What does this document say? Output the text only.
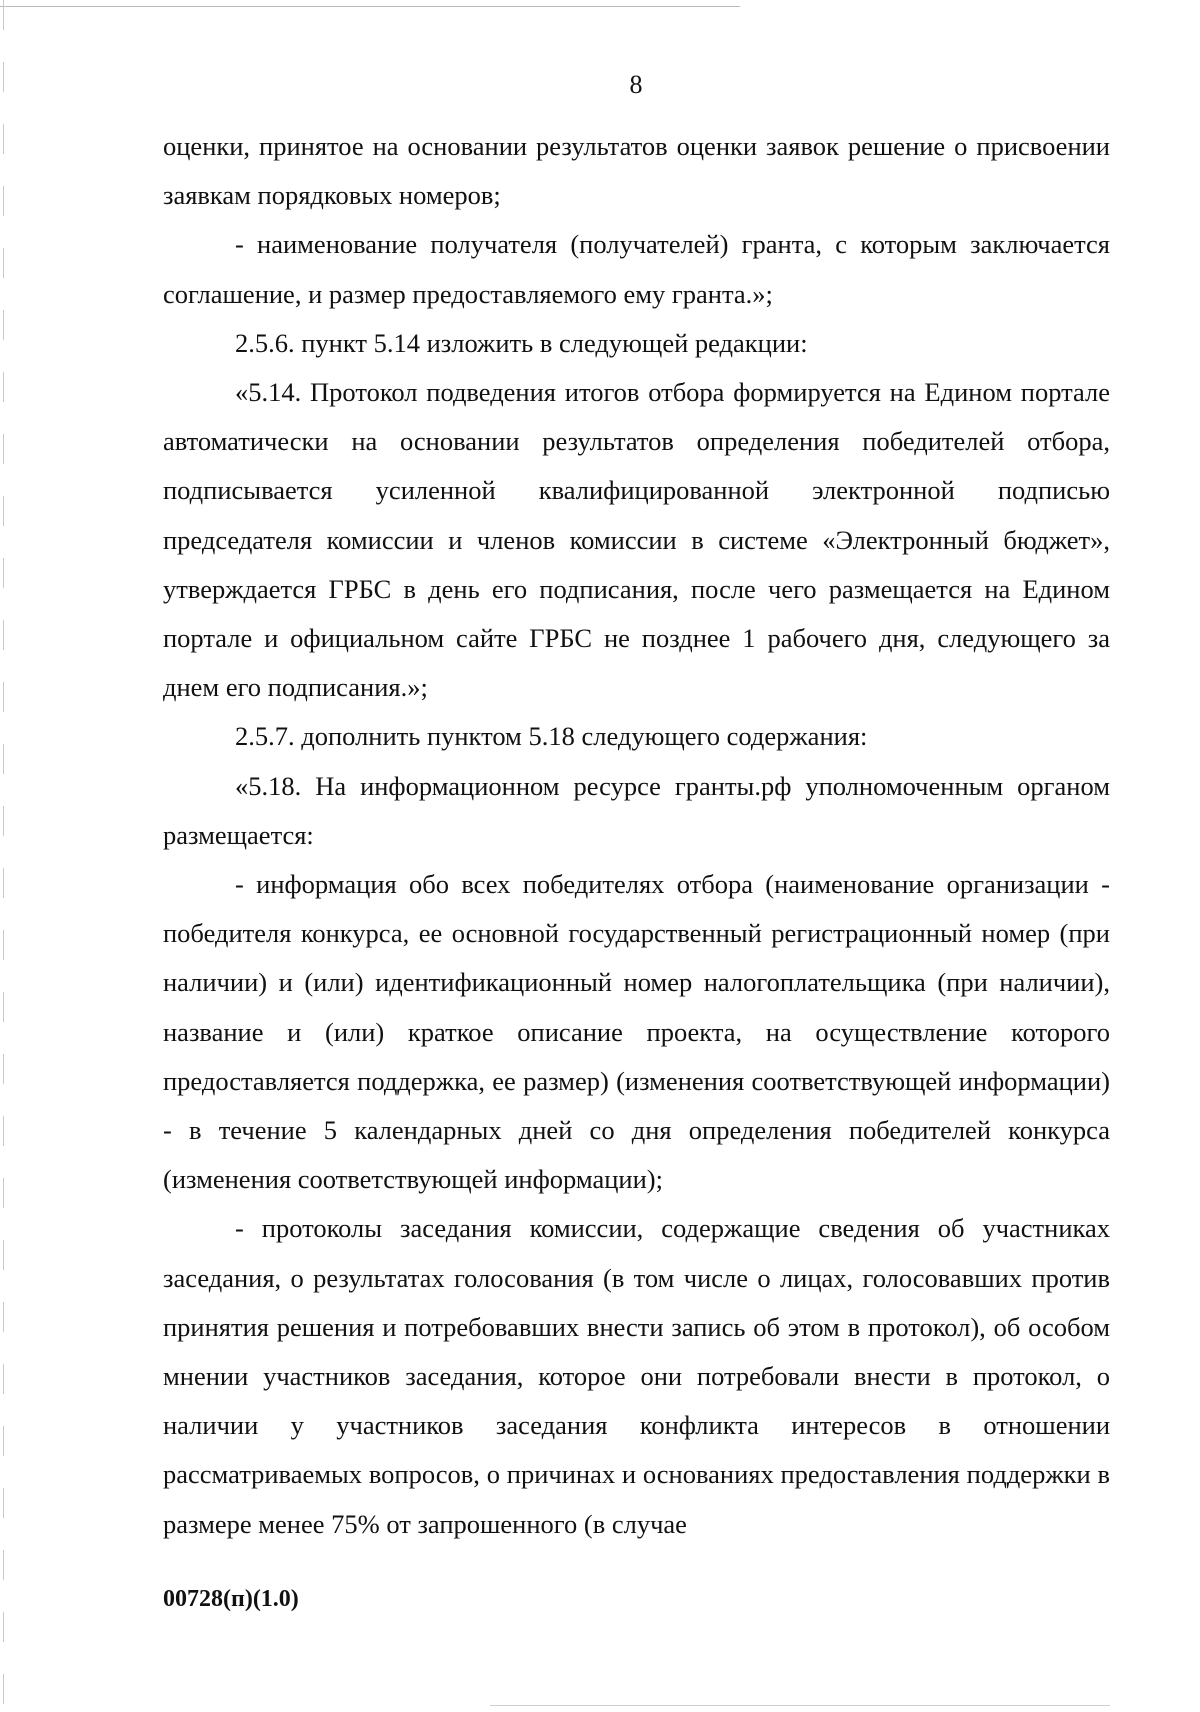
8

оценки, принятое на основании результатов оценки заявок решение о присвоении заявкам порядковых номеров;

- наименование получателя (получателей) гранта, с которым заключается соглашение, и размер предоставляемого ему гранта.»;

2.5.6. пункт 5.14 изложить в следующей редакции:

«5.14. Протокол подведения итогов отбора формируется на Едином портале автоматически на основании результатов определения победителей отбора, подписывается усиленной квалифицированной электронной подписью председателя комиссии и членов комиссии в системе «Электронный бюджет», утверждается ГРБС в день его подписания, после чего размещается на Едином портале и официальном сайте ГРБС не позднее 1 рабочего дня, следующего за днем его подписания.»;

2.5.7. дополнить пунктом 5.18 следующего содержания:

«5.18. На информационном ресурсе гранты.рф уполномоченным органом размещается:

- информация обо всех победителях отбора (наименование организации - победителя конкурса, ее основной государственный регистрационный номер (при наличии) и (или) идентификационный номер налогоплательщика (при наличии), название и (или) краткое описание проекта, на осуществление которого предоставляется поддержка, ее размер) (изменения соответствующей информации) - в течение 5 календарных дней со дня определения победителей конкурса (изменения соответствующей информации);

- протоколы заседания комиссии, содержащие сведения об участниках заседания, о результатах голосования (в том числе о лицах, голосовавших против принятия решения и потребовавших внести запись об этом в протокол), об особом мнении участников заседания, которое они потребовали внести в протокол, о наличии у участников заседания конфликта интересов в отношении рассматриваемых вопросов, о причинах и основаниях предоставления поддержки в размере менее 75% от запрошенного (в случае

00728(п)(1.0)
